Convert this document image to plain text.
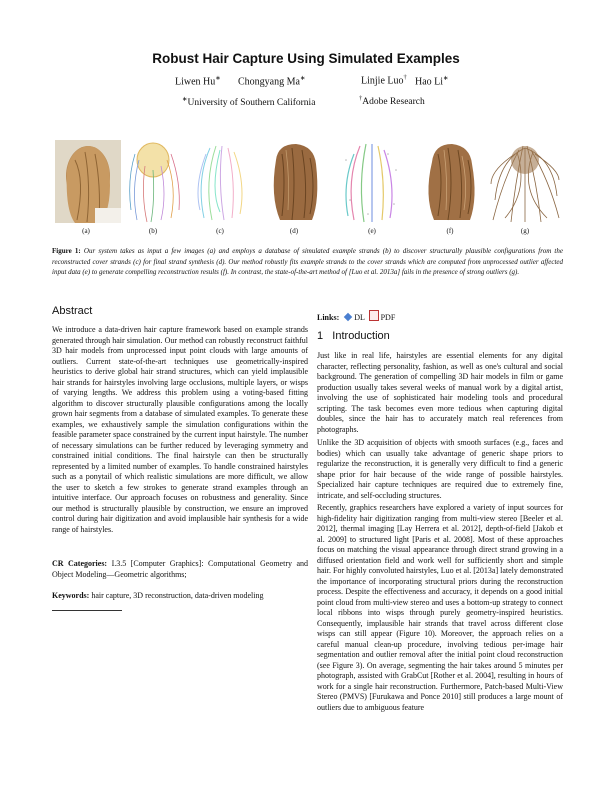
Robust Hair Capture Using Simulated Examples
Liwen Hu∗ Chongyang Ma∗	Linjie Luo† Hao Li∗
∗University of Southern California	†Adobe Research
(a)	(b)	(c)	(d)	(e)	(f)	(g)
Figure 1: Our system takes as input a few images (a) and employs a database of simulated example strands (b) to discover structurally plausible configurations from the reconstructed cover strands (c) for final strand synthesis (d). Our method robustly fits example strands to the cover strands which are computed from unprocessed outlier affected input data (e) to generate compelling reconstruction results (f). In contrast, the state-of-the-art method of [Luo et al. 2013a] fails in the presence of strong outliers (g).
Abstract
We introduce a data-driven hair capture framework based on example strands generated through hair simulation. Our method can robustly reconstruct faithful 3D hair models from unprocessed input point clouds with large amounts of outliers. Current state-of-the-art techniques use geometrically-inspired heuristics to derive global hair strand structures, which can yield implausible hair strands for hairstyles involving large occlusions, multiple layers, or wisps of varying lengths. We address this problem using a voting-based fitting algorithm to discover structurally plausible configurations among the locally grown hair segments from a database of simulated examples. To generate these examples, we exhaustively sample the simulation configurations within the feasible parameter space constrained by the current input hairstyle. The number of necessary simulations can be further reduced by leveraging symmetry and constrained initial conditions. The final hairstyle can then be structurally represented by a limited number of examples. To handle constrained hairstyles such as a ponytail of which realistic simulations are more difficult, we allow the user to sketch a few strokes to generate strand examples through an intuitive interface. Our approach focuses on robustness and generality. Since our method is structurally plausible by construction, we ensure an improved control during hair digitization and avoid implausible hair synthesis for a wide range of hairstyles.
CR Categories: I.3.5 [Computer Graphics]: Computational Geometry and Object Modeling—Geometric algorithms;
Keywords: hair capture, 3D reconstruction, data-driven modeling
Links: DL PDF
1 Introduction
Just like in real life, hairstyles are essential elements for any digital character, reflecting personality, fashion, as well as one's cultural and social background. The generation of compelling 3D hair models in film or game production usually takes several weeks of manual work by a digital artist, involving the use of sophisticated hair modeling tools and procedural scripting. The task becomes even more tedious when capturing digital doubles, since the hair has to accurately match real references from photographs.
Unlike the 3D acquisition of objects with smooth surfaces (e.g., faces and bodies) which can usually take advantage of generic shape priors to regularize the reconstruction, it is generally very difficult to find a generic shape prior for hair because of the wide range of possible hairstyles. Specialized hair capture techniques are required due to extremely fine, intricate, and self-occluding structures.
Recently, graphics researchers have explored a variety of input sources for high-fidelity hair digitization ranging from multi-view stereo [Beeler et al. 2012], thermal imaging [Lay Herrera et al. 2012], depth-of-field [Jakob et al. 2009] to structured light [Paris et al. 2008]. Most of these approaches focus on matching the visual appearance through direct strand growing in a diffused orientation field and work well for sufficiently short and simple hair. For highly convoluted hairstyles, Luo et al. [2013a] lately demonstrated the importance of incorporating structural priors during the reconstruction process. Despite the effectiveness and accuracy, it depends on a good initial point cloud from multi-view stereo and uses a bottom-up strategy to connect local ribbons into wisps through purely geometry-inspired heuristics. Consequently, implausible hair strands that travel across different close wisps can still appear (Figure 10). Moreover, the approach relies on a careful manual clean-up procedure, involving tedious per-image hair segmentation and outlier removal after the initial point cloud reconstruction (see Figure 3). On average, segmenting the hair takes around 5 minutes per photograph, assisted with GrabCut [Rother et al. 2004], resulting in hours of work for a single hair reconstruction. Furthermore, Patch-based Multi-View Stereo (PMVS) [Furukawa and Ponce 2010] still produces a large mount of outliers due to ambiguous feature
